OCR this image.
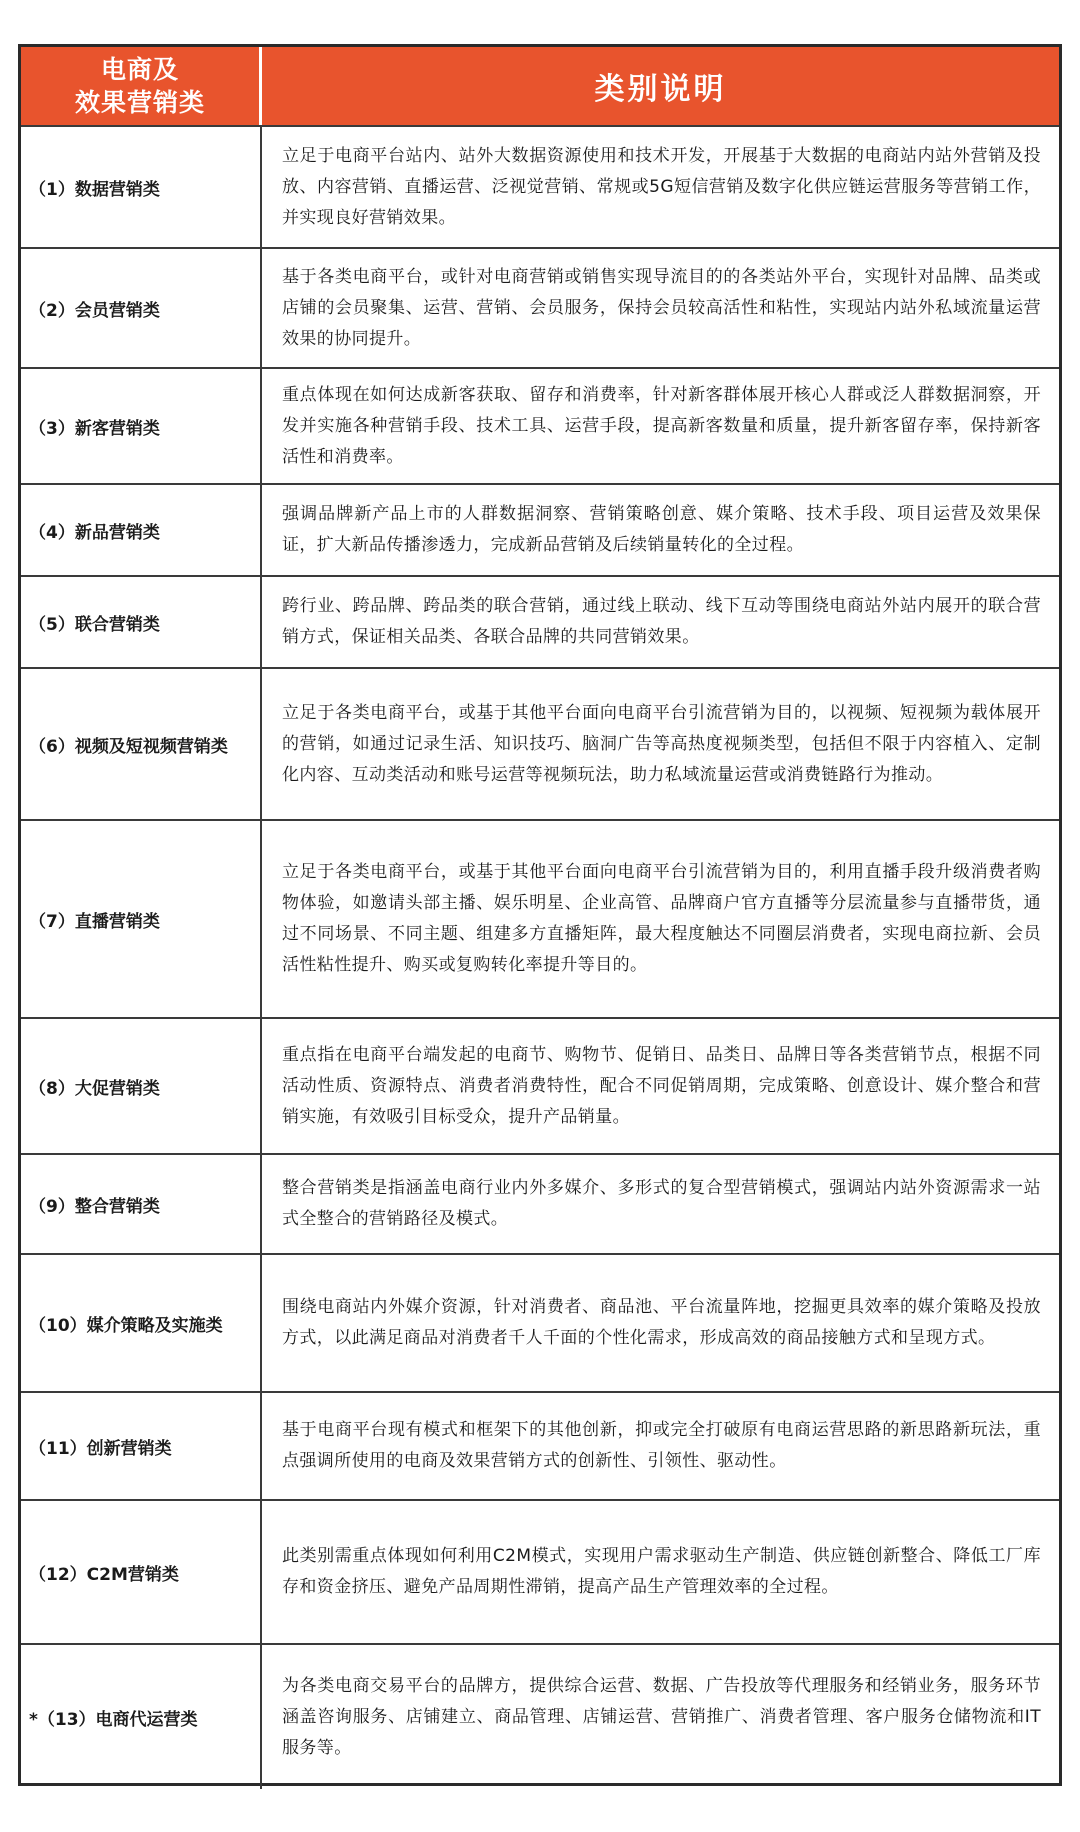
电商及
效果营销类	类别说明
（1）数据营销类
立足于电商平台站内、站外大数据资源使用和技术开发，开展基于大数据的电商站内站外营销及投放、内容营销、直播运营、泛视觉营销、常规或5G短信营销及数字化供应链运营服务等营销工作，并实现良好营销效果。
（2）会员营销类
基于各类电商平台，或针对电商营销或销售实现导流目的的各类站外平台，实现针对品牌、品类或店铺的会员聚集、运营、营销、会员服务，保持会员较高活性和粘性，实现站内站外私域流量运营效果的协同提升。
（3）新客营销类
重点体现在如何达成新客获取、留存和消费率，针对新客群体展开核心人群或泛人群数据洞察，开发并实施各种营销手段、技术工具、运营手段，提高新客数量和质量，提升新客留存率，保持新客活性和消费率。
（4）新品营销类
强调品牌新产品上市的人群数据洞察、营销策略创意、媒介策略、技术手段、项目运营及效果保证，扩大新品传播渗透力，完成新品营销及后续销量转化的全过程。
（5）联合营销类
跨行业、跨品牌、跨品类的联合营销，通过线上联动、线下互动等围绕电商站外站内展开的联合营销方式，保证相关品类、各联合品牌的共同营销效果。
（6）视频及短视频营销类
立足于各类电商平台，或基于其他平台面向电商平台引流营销为目的，以视频、短视频为载体展开的营销，如通过记录生活、知识技巧、脑洞广告等高热度视频类型，包括但不限于内容植入、定制化内容、互动类活动和账号运营等视频玩法，助力私域流量运营或消费链路行为推动。
（7）直播营销类
立足于各类电商平台，或基于其他平台面向电商平台引流营销为目的，利用直播手段升级消费者购物体验，如邀请头部主播、娱乐明星、企业高管、品牌商户官方直播等分层流量参与直播带货，通过不同场景、不同主题、组建多方直播矩阵，最大程度触达不同圈层消费者，实现电商拉新、会员活性粘性提升、购买或复购转化率提升等目的。
（8）大促营销类
重点指在电商平台端发起的电商节、购物节、促销日、品类日、品牌日等各类营销节点，根据不同活动性质、资源特点、消费者消费特性，配合不同促销周期，完成策略、创意设计、媒介整合和营销实施，有效吸引目标受众，提升产品销量。
（9）整合营销类
整合营销类是指涵盖电商行业内外多媒介、多形式的复合型营销模式，强调站内站外资源需求一站式全整合的营销路径及模式。
（10）媒介策略及实施类
围绕电商站内外媒介资源，针对消费者、商品池、平台流量阵地，挖掘更具效率的媒介策略及投放方式，以此满足商品对消费者千人千面的个性化需求，形成高效的商品接触方式和呈现方式。
（11）创新营销类
基于电商平台现有模式和框架下的其他创新，抑或完全打破原有电商运营思路的新思路新玩法，重点强调所使用的电商及效果营销方式的创新性、引领性、驱动性。
（12）C2M营销类
此类别需重点体现如何利用C2M模式，实现用户需求驱动生产制造、供应链创新整合、降低工厂库存和资金挤压、避免产品周期性滞销，提高产品生产管理效率的全过程。
*（13）电商代运营类
为各类电商交易平台的品牌方，提供综合运营、数据、广告投放等代理服务和经销业务，服务环节涵盖咨询服务、店铺建立、商品管理、店铺运营、营销推广、消费者管理、客户服务仓储物流和IT服务等。
